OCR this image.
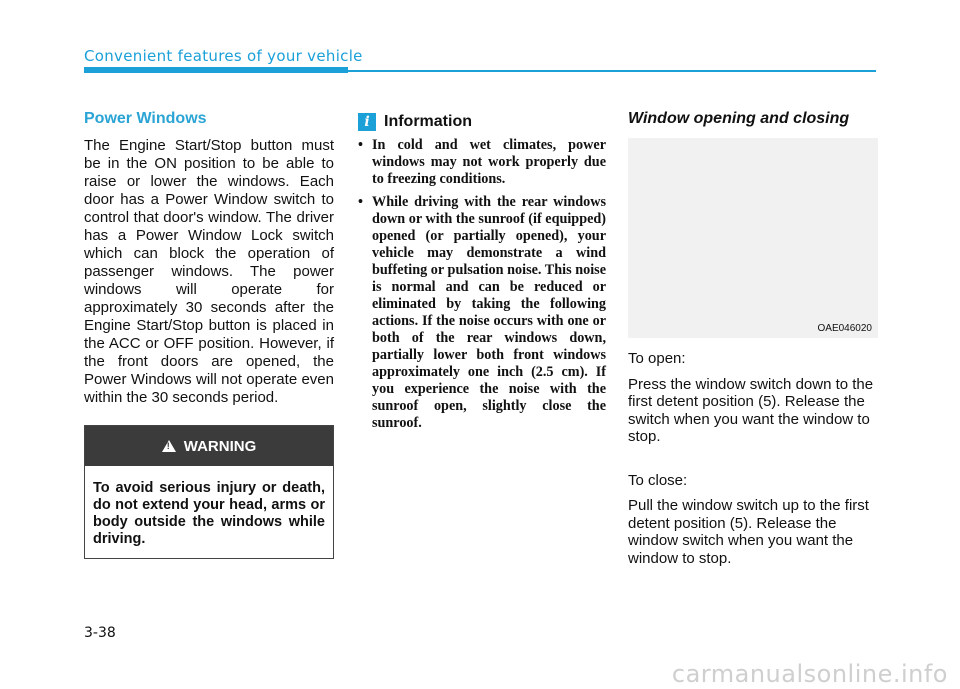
Convenient features of your vehicle
Power Windows

The Engine Start/Stop button must be in the ON position to be able to raise or lower the windows. Each door has a Power Window switch to control that door's window. The driver has a Power Window Lock switch which can block the operation of passenger windows. The power windows will operate for approximately 30 seconds after the Engine Start/Stop button is placed in the ACC or OFF position. However, if the front doors are opened, the Power Windows will not operate even within the 30 seconds period.

!
WARNING
To avoid serious injury or death, do not extend your head, arms or body outside the windows while driving.
i Information
• In cold and wet climates, power windows may not work properly due to freezing conditions.
• While driving with the rear windows down or with the sunroof (if equipped) opened (or partially opened), your vehicle may demonstrate a wind buffeting or pulsation noise. This noise is normal and can be reduced or eliminated by taking the following actions. If the noise occurs with one or both of the rear windows down, partially lower both front windows approximately one inch (2.5 cm). If you experience the noise with the sunroof open, slightly close the sunroof.
Window opening and closing
OAE046020

To open:

Press the window switch down to the first detent position (5). Release the switch when you want the window to stop.

To close:

Pull the window switch up to the first detent position (5). Release the window switch when you want the window to stop.

3-38
carmanualsonline.info
